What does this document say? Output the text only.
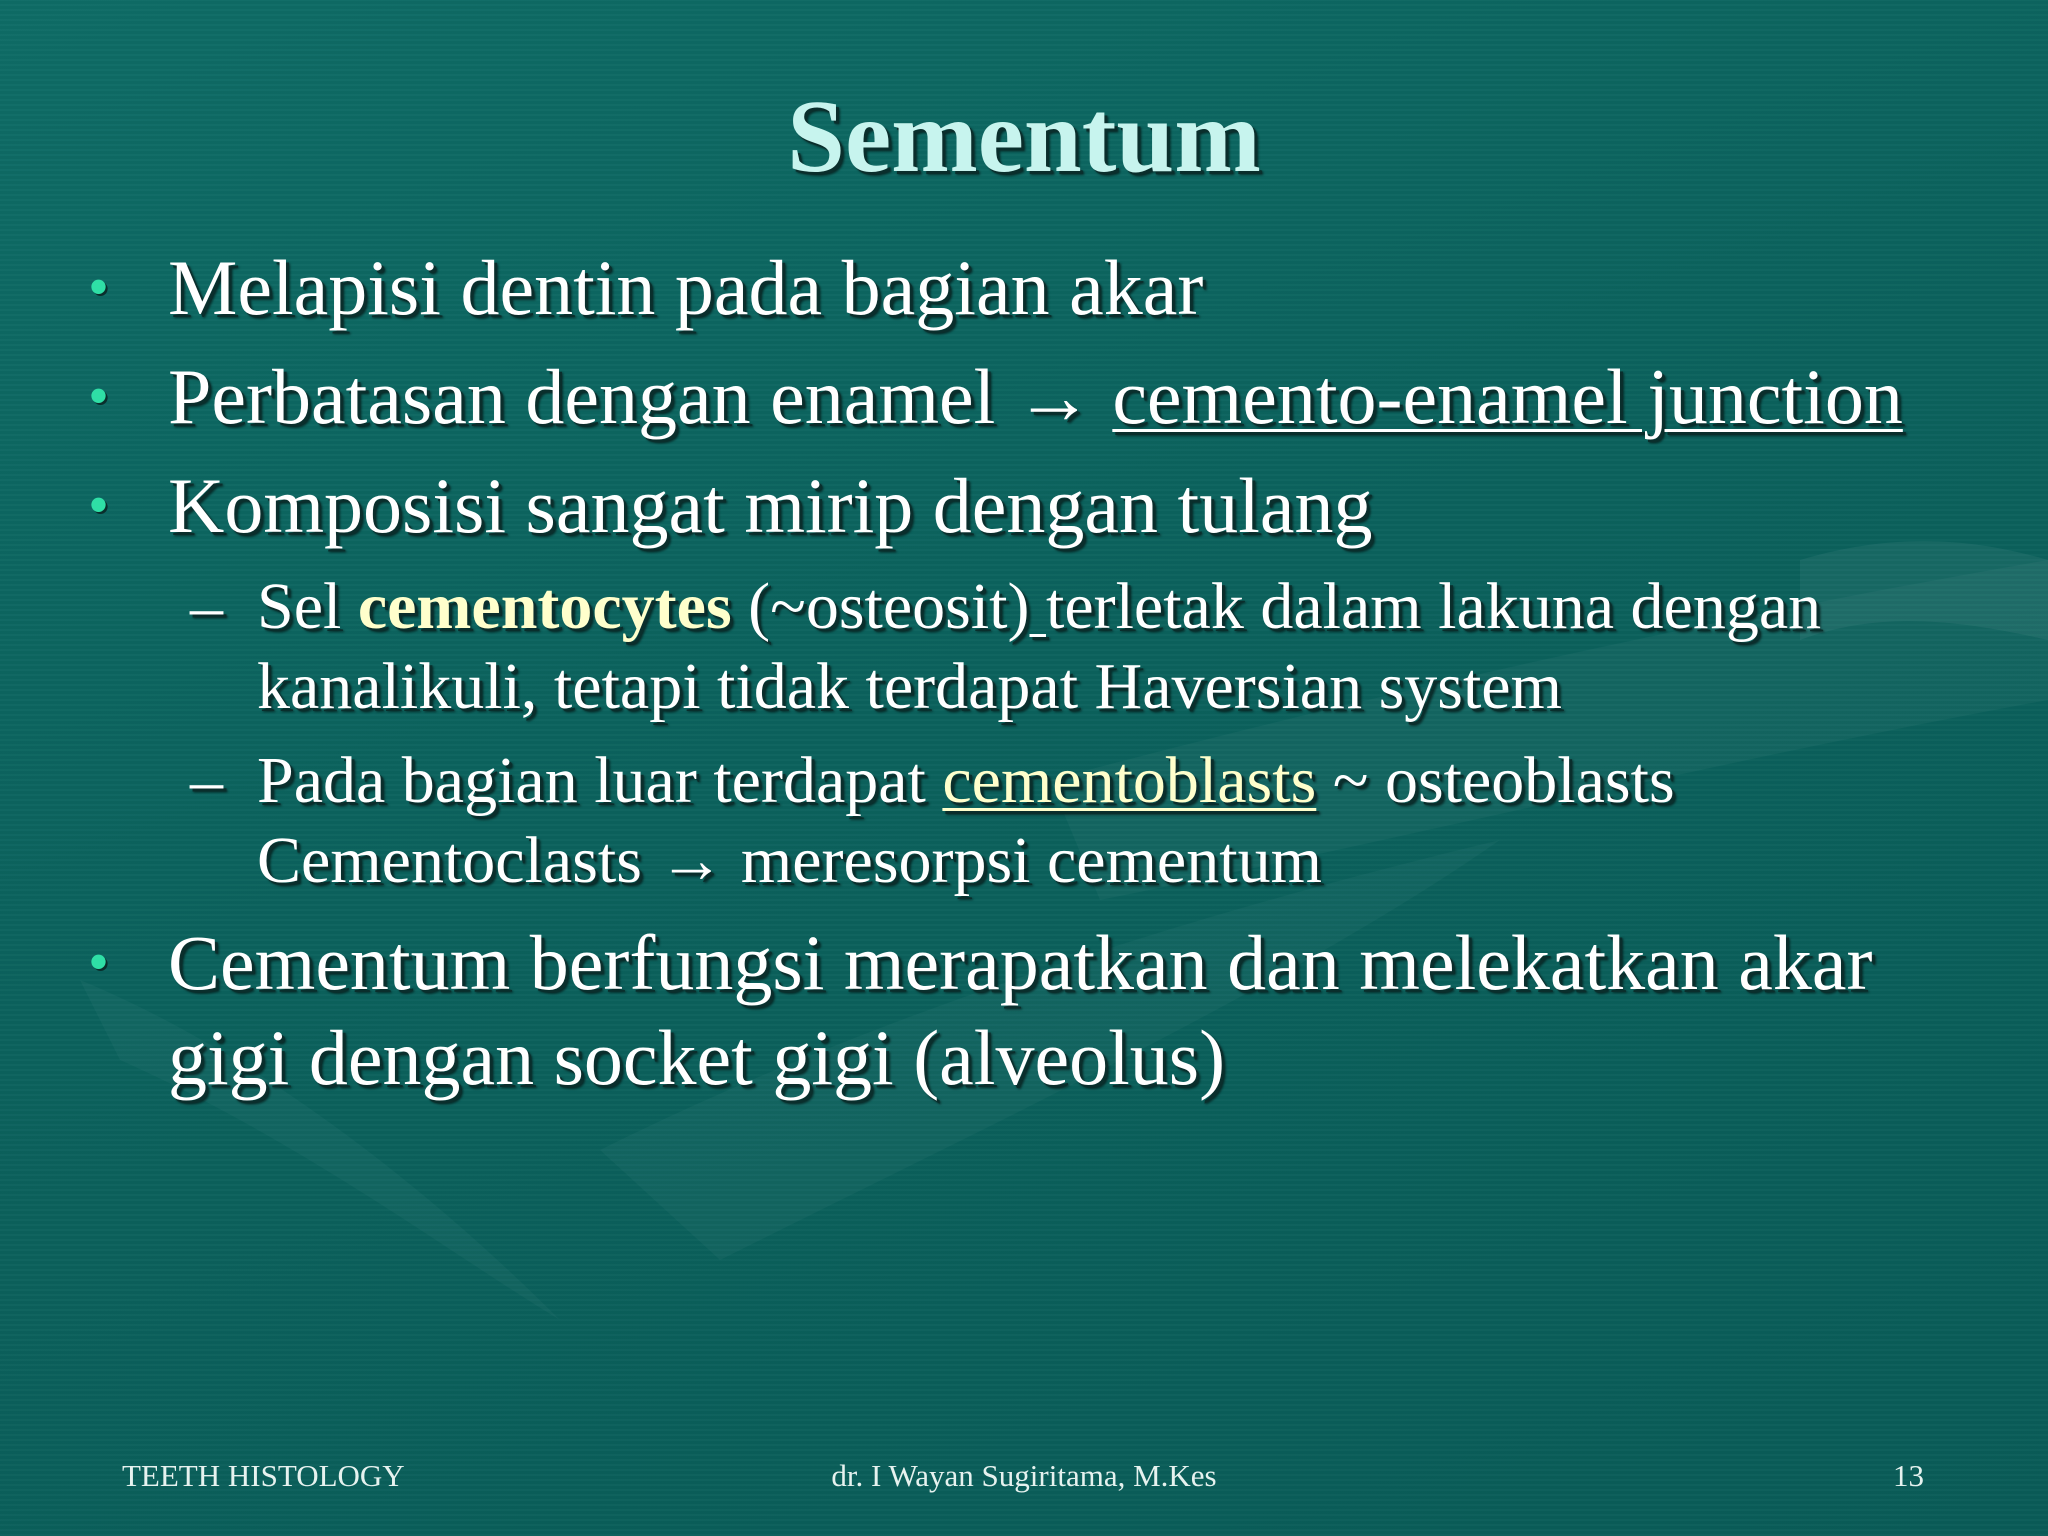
Sementum
• Melapisi dentin pada bagian akar
• Perbatasan dengan enamel → cemento-enamel junction
• Komposisi sangat mirip dengan tulang
– Sel cementocytes (~osteosit) terletak dalam lakuna dengan kanalikuli, tetapi tidak terdapat Haversian system
– Pada bagian luar terdapat cementoblasts ~ osteoblasts Cementoclasts → meresorpsi cementum
• Cementum berfungsi merapatkan dan melekatkan akar gigi dengan socket gigi (alveolus)
dr. I Wayan Sugiritama, M.Kes
TEETH HISTOLOGY	13
